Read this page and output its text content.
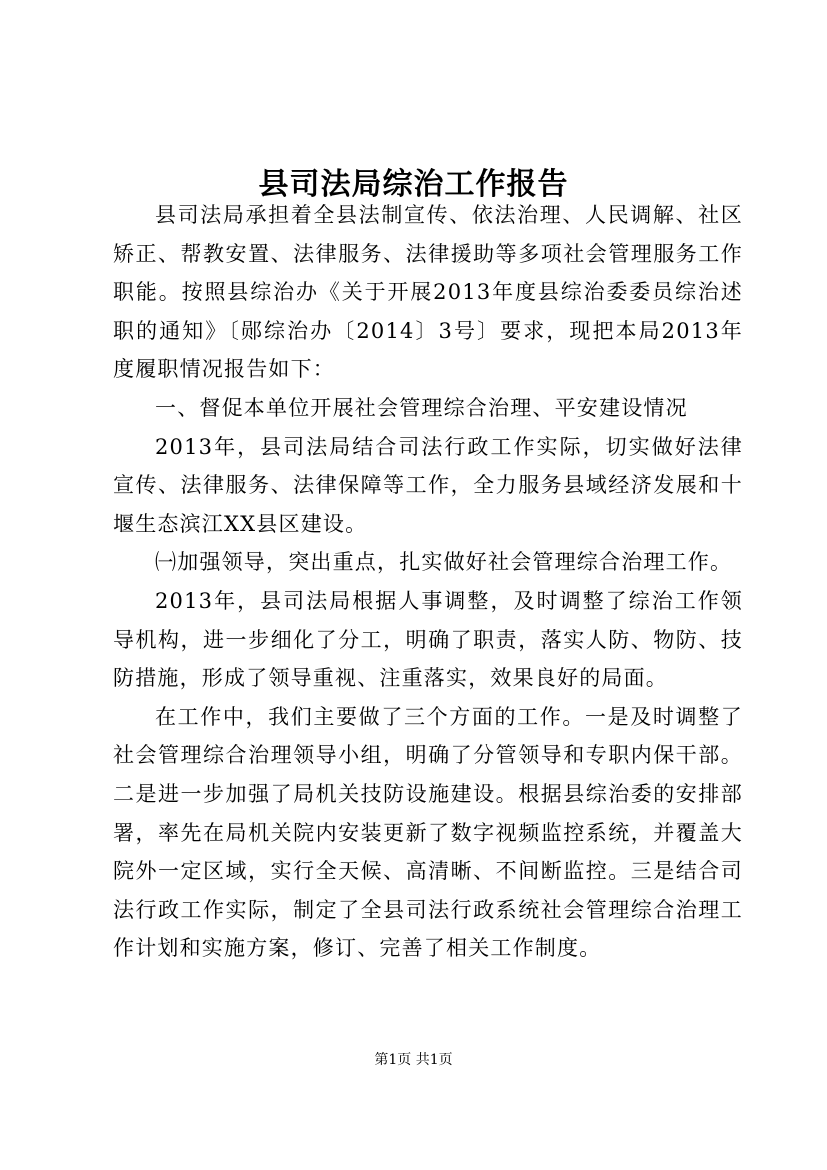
县司法局综治工作报告

县司法局承担着全县法制宣传、依法治理、人民调解、社区矫正、帮教安置、法律服务、法律援助等多项社会管理服务工作职能。按照县综治办《关于开展2013年度县综治委委员综治述职的通知》〔郧综治办〔2014〕3号〕要求，现把本局2013年度履职情况报告如下：

一、督促本单位开展社会管理综合治理、平安建设情况

2013年，县司法局结合司法行政工作实际，切实做好法律宣传、法律服务、法律保障等工作，全力服务县域经济发展和十堰生态滨江XX县区建设。

㈠加强领导，突出重点，扎实做好社会管理综合治理工作。

2013年，县司法局根据人事调整，及时调整了综治工作领导机构，进一步细化了分工，明确了职责，落实人防、物防、技防措施，形成了领导重视、注重落实，效果良好的局面。

在工作中，我们主要做了三个方面的工作。一是及时调整了社会管理综合治理领导小组，明确了分管领导和专职内保干部。二是进一步加强了局机关技防设施建设。根据县综治委的安排部署，率先在局机关院内安装更新了数字视频监控系统，并覆盖大院外一定区域，实行全天候、高清晰、不间断监控。三是结合司法行政工作实际，制定了全县司法行政系统社会管理综合治理工作计划和实施方案，修订、完善了相关工作制度。

第1页 共1页
